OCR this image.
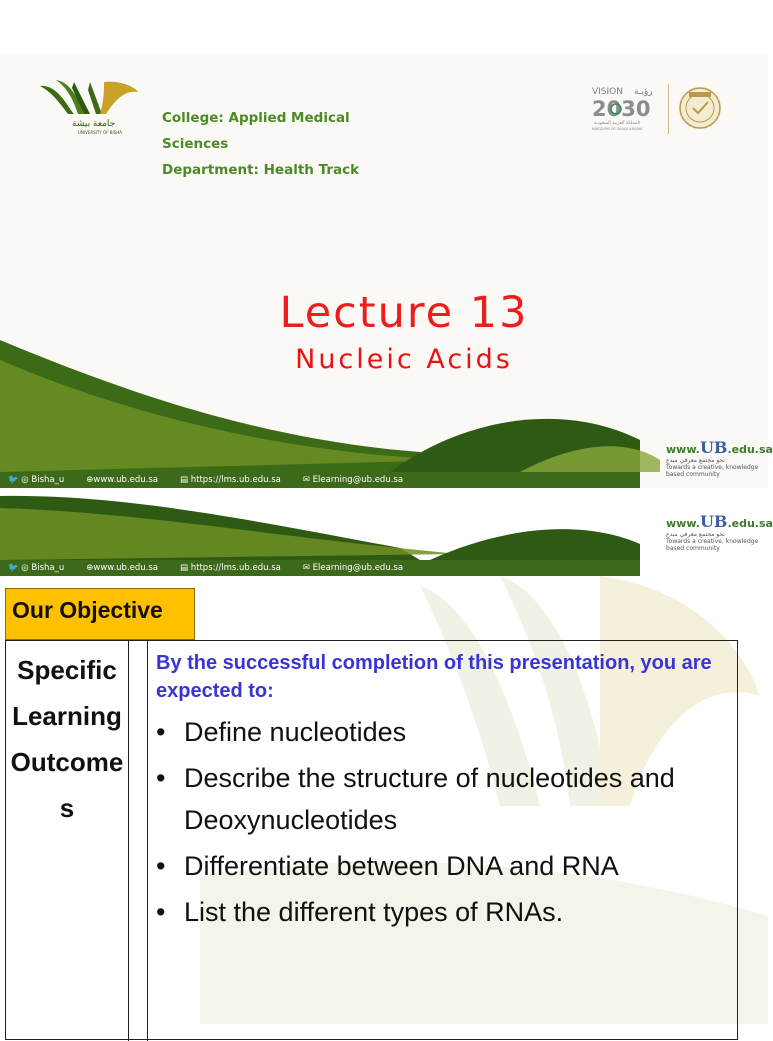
جامعة بيشة
UNIVERSITY OF BISHA
College: Applied Medical
Sciences
Department: Health Track
VISION رؤيـة
2030
المملكة العربية السعودية
KINGDOM OF SAUDI ARABIA
Lecture 13
Nucleic Acids
🐦 ◎ Bisha_u	⊕www.ub.edu.sa	▤ https://lms.ub.edu.sa	✉ Elearning@ub.edu.sa
www.UB.edu.sa
نحو مجتمع معرفي مبدع
Towards a creative, knowledge based community
🐦 ◎ Bisha_u	⊕www.ub.edu.sa	▤ https://lms.ub.edu.sa	✉ Elearning@ub.edu.sa
www.UB.edu.sa
نحو مجتمع معرفي مبدع
Towards a creative, knowledge based community
Our Objective
Specific Learning Outcomes
By the successful completion of this presentation, you are expected to:
• Define nucleotides
• Describe the structure of nucleotides and Deoxynucleotides
• Differentiate between DNA and RNA
• List the different types of RNAs.
